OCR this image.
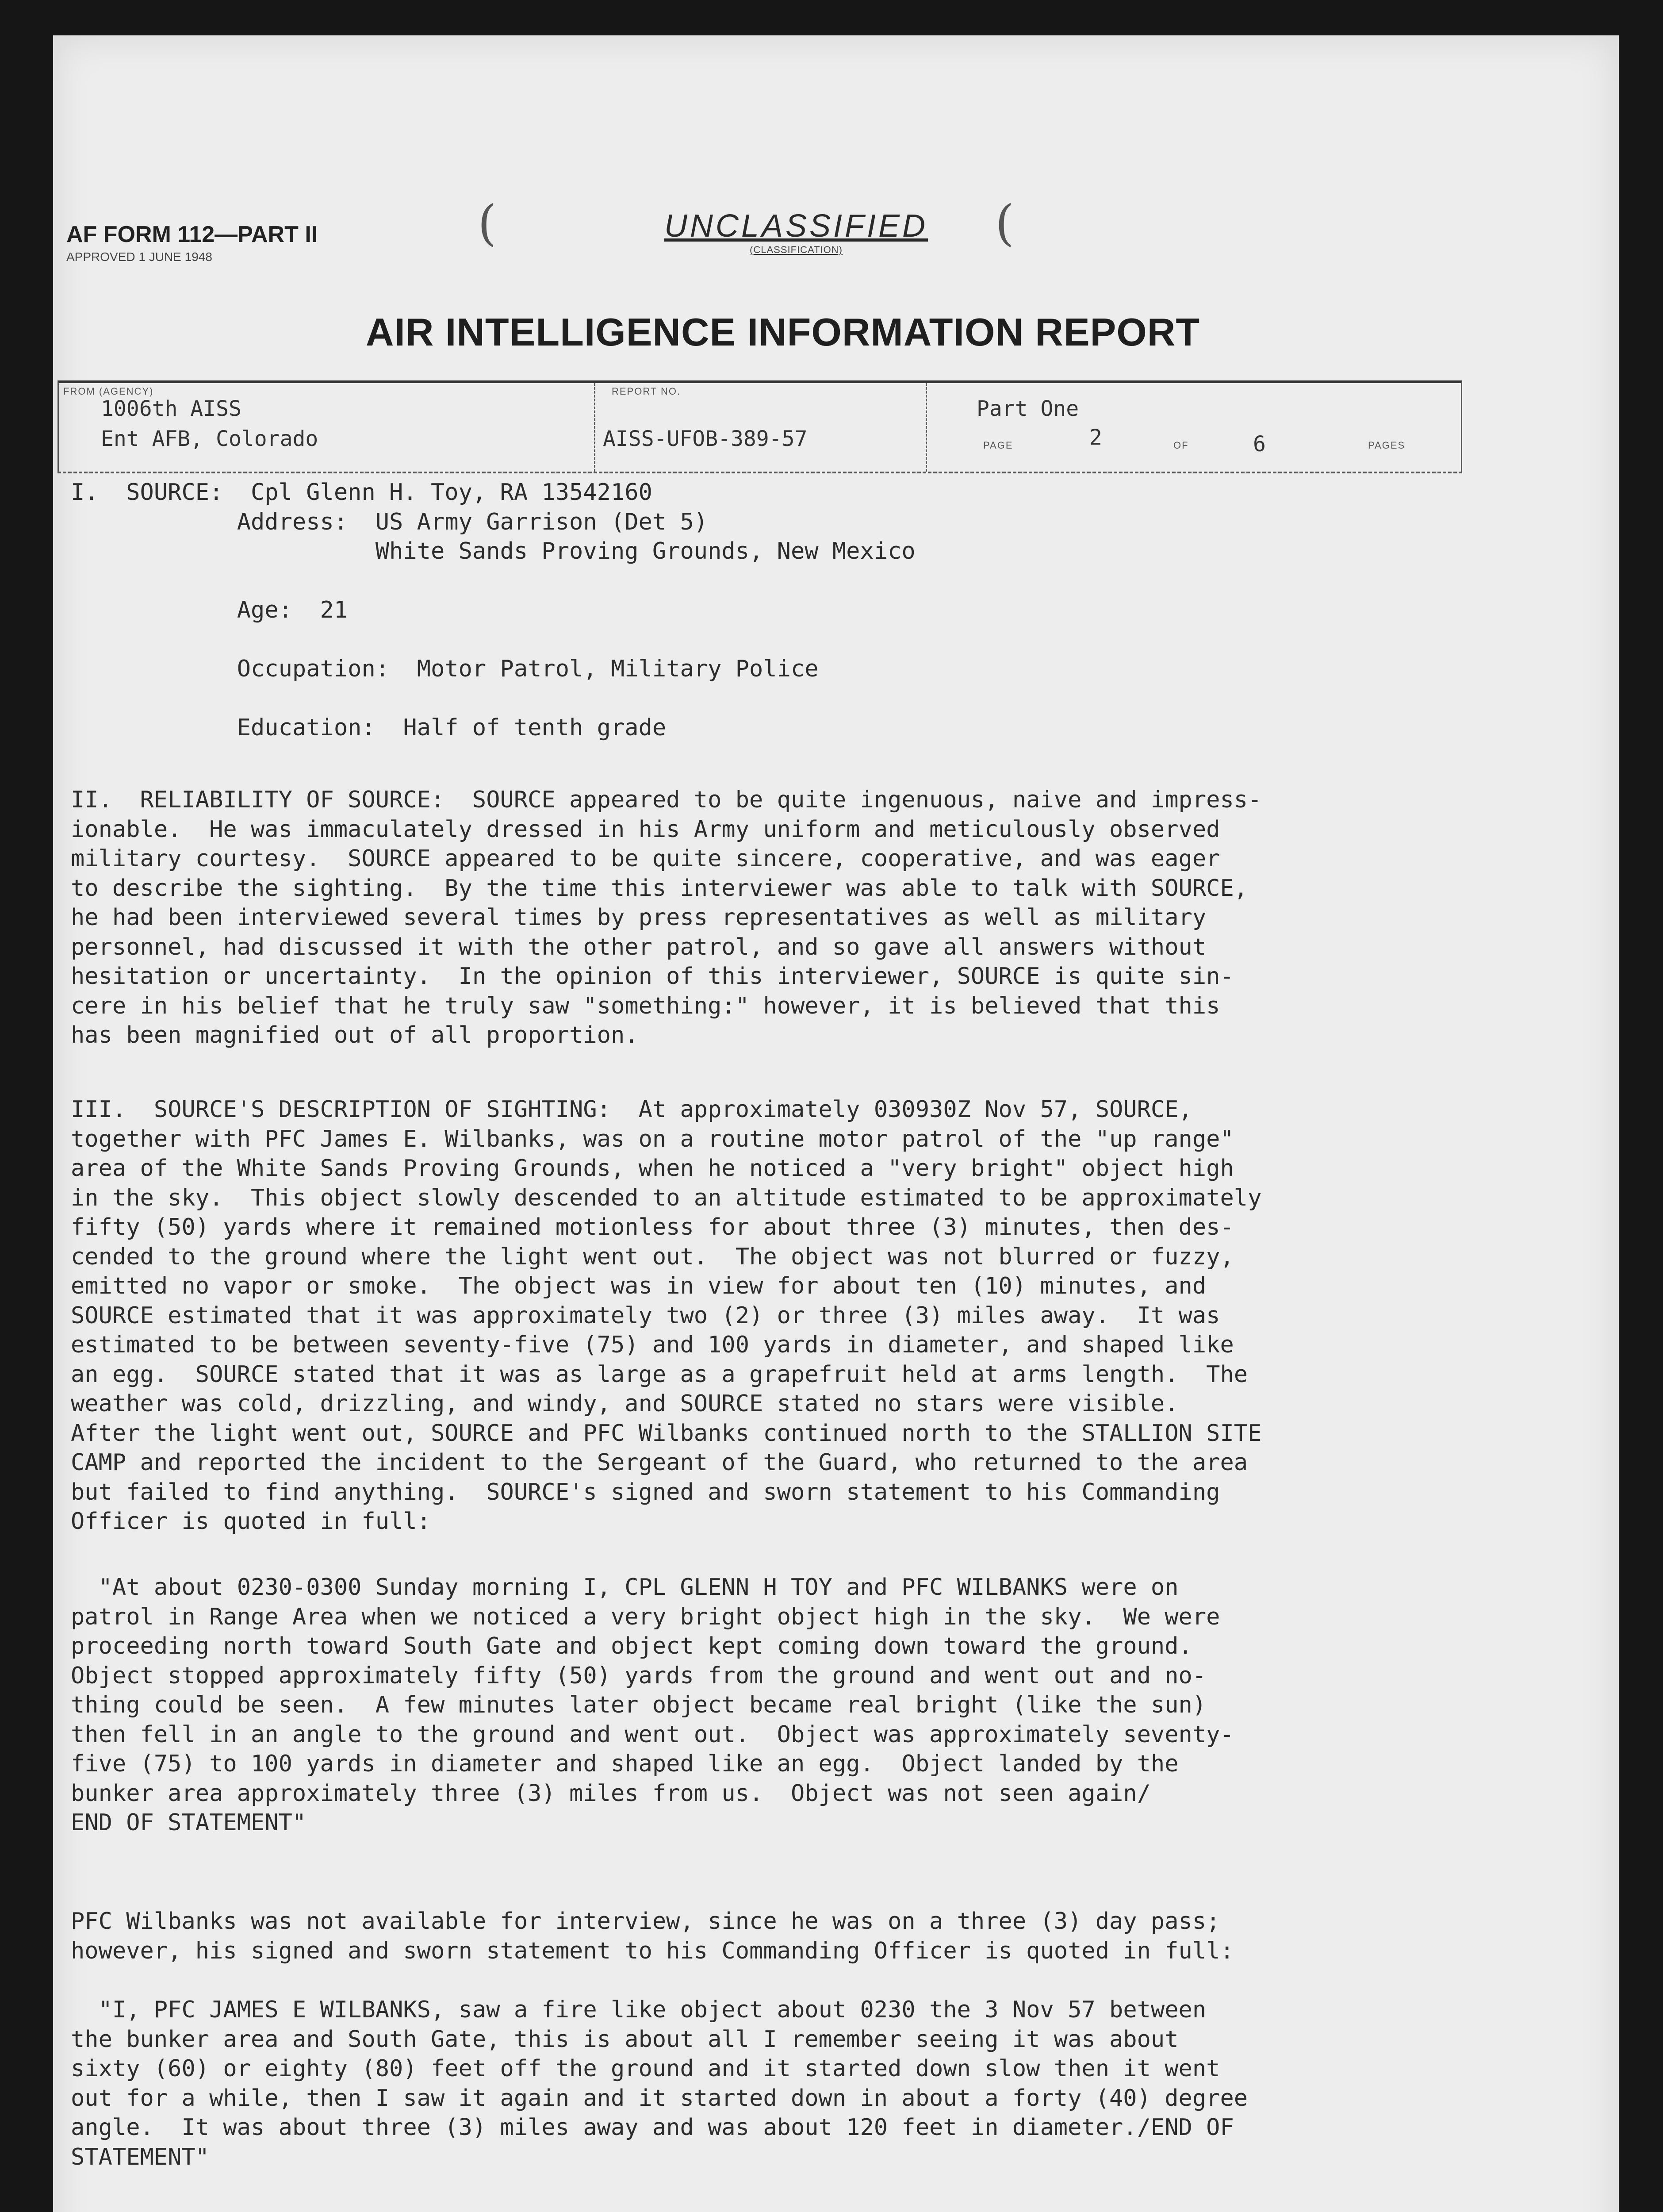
(	(
AF FORM 112—PART II
APPROVED 1 JUNE 1948
UNCLASSIFIED
(CLASSIFICATION)
AIR INTELLIGENCE INFORMATION REPORT
FROM (AGENCY)
1006th AISS
Ent AFB, Colorado
REPORT NO.
AISS-UFOB-389-57
Part One
PAGE	2	OF	6	PAGES
I.  SOURCE:  Cpl Glenn H. Toy, RA 13542160
Address:  US Army Garrison (Det 5)
White Sands Proving Grounds, New Mexico

Age:  21

Occupation:  Motor Patrol, Military Police

Education:  Half of tenth grade
II.  RELIABILITY OF SOURCE:  SOURCE appeared to be quite ingenuous, naive and impress-
ionable.  He was immaculately dressed in his Army uniform and meticulously observed
military courtesy.  SOURCE appeared to be quite sincere, cooperative, and was eager
to describe the sighting.  By the time this interviewer was able to talk with SOURCE,
he had been interviewed several times by press representatives as well as military
personnel, had discussed it with the other patrol, and so gave all answers without
hesitation or uncertainty.  In the opinion of this interviewer, SOURCE is quite sin-
cere in his belief that he truly saw "something:" however, it is believed that this
has been magnified out of all proportion.
III.  SOURCE'S DESCRIPTION OF SIGHTING:  At approximately 030930Z Nov 57, SOURCE,
together with PFC James E. Wilbanks, was on a routine motor patrol of the "up range"
area of the White Sands Proving Grounds, when he noticed a "very bright" object high
in the sky.  This object slowly descended to an altitude estimated to be approximately
fifty (50) yards where it remained motionless for about three (3) minutes, then des-
cended to the ground where the light went out.  The object was not blurred or fuzzy,
emitted no vapor or smoke.  The object was in view for about ten (10) minutes, and
SOURCE estimated that it was approximately two (2) or three (3) miles away.  It was
estimated to be between seventy-five (75) and 100 yards in diameter, and shaped like
an egg.  SOURCE stated that it was as large as a grapefruit held at arms length.  The
weather was cold, drizzling, and windy, and SOURCE stated no stars were visible.
After the light went out, SOURCE and PFC Wilbanks continued north to the STALLION SITE
CAMP and reported the incident to the Sergeant of the Guard, who returned to the area
but failed to find anything.  SOURCE's signed and sworn statement to his Commanding
Officer is quoted in full:
"At about 0230-0300 Sunday morning I, CPL GLENN H TOY and PFC WILBANKS were on
patrol in Range Area when we noticed a very bright object high in the sky.  We were
proceeding north toward South Gate and object kept coming down toward the ground.
Object stopped approximately fifty (50) yards from the ground and went out and no-
thing could be seen.  A few minutes later object became real bright (like the sun)
then fell in an angle to the ground and went out.  Object was approximately seventy-
five (75) to 100 yards in diameter and shaped like an egg.  Object landed by the
bunker area approximately three (3) miles from us.  Object was not seen again/
END OF STATEMENT"
PFC Wilbanks was not available for interview, since he was on a three (3) day pass;
however, his signed and sworn statement to his Commanding Officer is quoted in full:
"I, PFC JAMES E WILBANKS, saw a fire like object about 0230 the 3 Nov 57 between
the bunker area and South Gate, this is about all I remember seeing it was about
sixty (60) or eighty (80) feet off the ground and it started down slow then it went
out for a while, then I saw it again and it started down in about a forty (40) degree
angle.  It was about three (3) miles away and was about 120 feet in diameter./END OF
STATEMENT"
